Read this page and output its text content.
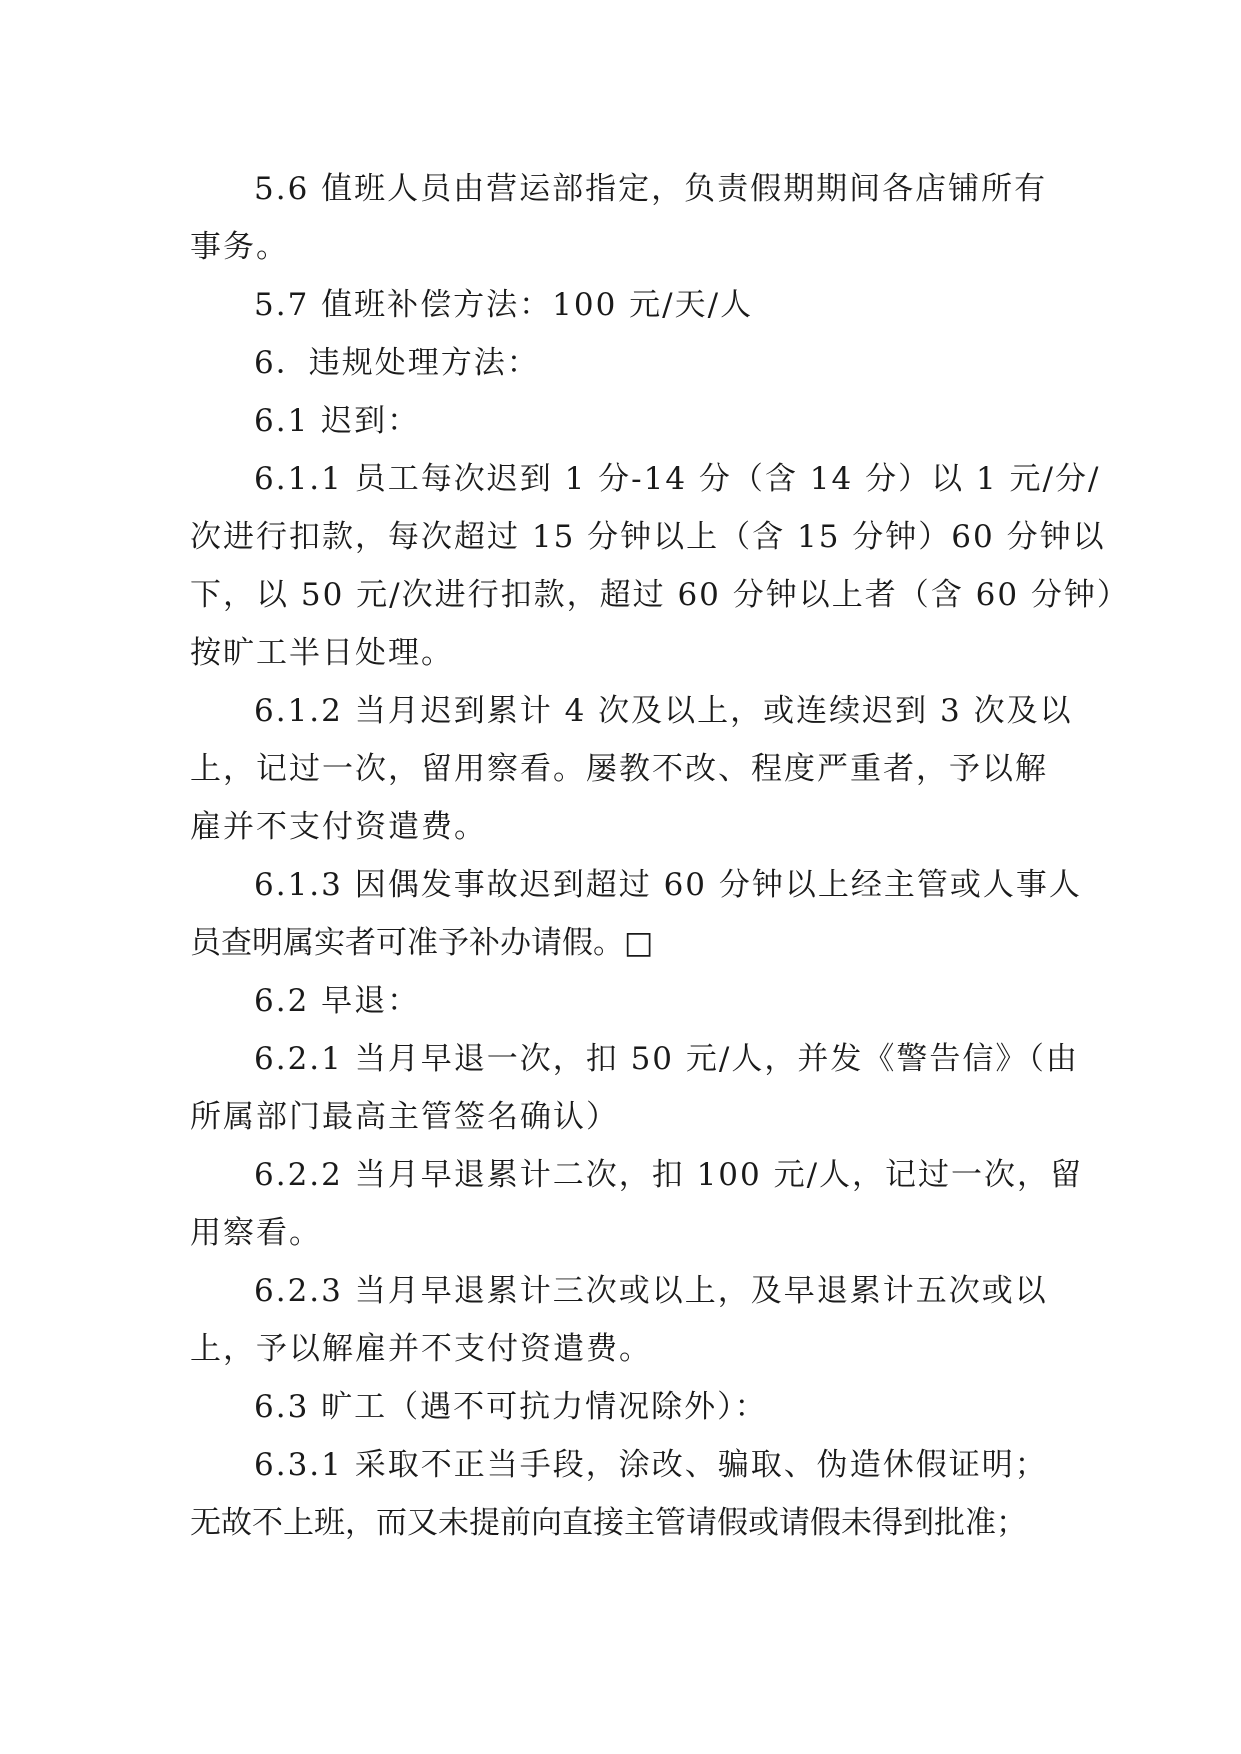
5.6 值班人员由营运部指定，负责假期期间各店铺所有
事务。
5.7 值班补偿方法：100 元/天/人
6．违规处理方法：
6.1 迟到：
6.1.1 员工每次迟到 1 分-14 分（含 14 分）以 1 元/分/
次进行扣款，每次超过 15 分钟以上（含 15 分钟）60 分钟以
下，以 50 元/次进行扣款，超过 60 分钟以上者（含 60 分钟）
按旷工半日处理。
6.1.2 当月迟到累计 4 次及以上，或连续迟到 3 次及以
上，记过一次，留用察看。屡教不改、程度严重者，予以解
雇并不支付资遣费。
6.1.3 因偶发事故迟到超过 60 分钟以上经主管或人事人
员查明属实者可准予补办请假。□
6.2 早退：
6.2.1 当月早退一次，扣 50 元/人，并发《警告信》（由
所属部门最高主管签名确认）
6.2.2 当月早退累计二次，扣 100 元/人，记过一次，留
用察看。
6.2.3 当月早退累计三次或以上，及早退累计五次或以
上，予以解雇并不支付资遣费。
6.3 旷工（遇不可抗力情况除外）：
6.3.1 采取不正当手段，涂改、骗取、伪造休假证明；
无故不上班，而又未提前向直接主管请假或请假未得到批准；
